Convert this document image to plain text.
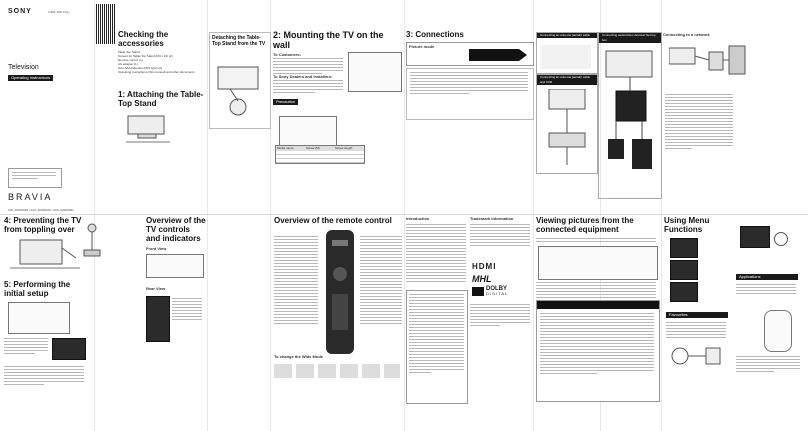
SONY	4-581-396-11(1)
Television
Operating Instructions
BRAVIA
KDL-32W600D / KDL-32W602D / KDL-32W605D
Checking the accessories
Table-Top Stand
Screws for Table-Top Stand (M4 x 16) (2)
Remote control (1)
AC adapter (1)
Size AAA batteries (R03 type) (2)
Operating Instructions (this manual) and other documents
1: Attaching the Table-Top Stand
Detaching the Table-Top Stand from the TV
2: Mounting the TV on the wall
To Customers:
To Sony Dealers and Installers:
Precaution
Model name	Screw (M)	Screw length
3: Connections
Picture mode
Connecting an antenna (aerial)/ cable
Connecting an antenna (aerial)/ cable and VCR
Connecting audio/video devices/ Set top box
Connecting to a network
4: Preventing the TV from toppling over
5: Performing the initial setup
Overview of the TV controls and indicators
Front View
Rear View
Overview of the remote control
To change the Wide Mode
Introduction	Trademark Information
HDMI
MHL
DOLBY
DIGITAL
Viewing pictures from the connected equipment
Using Menu Functions
Applications
Favourites
